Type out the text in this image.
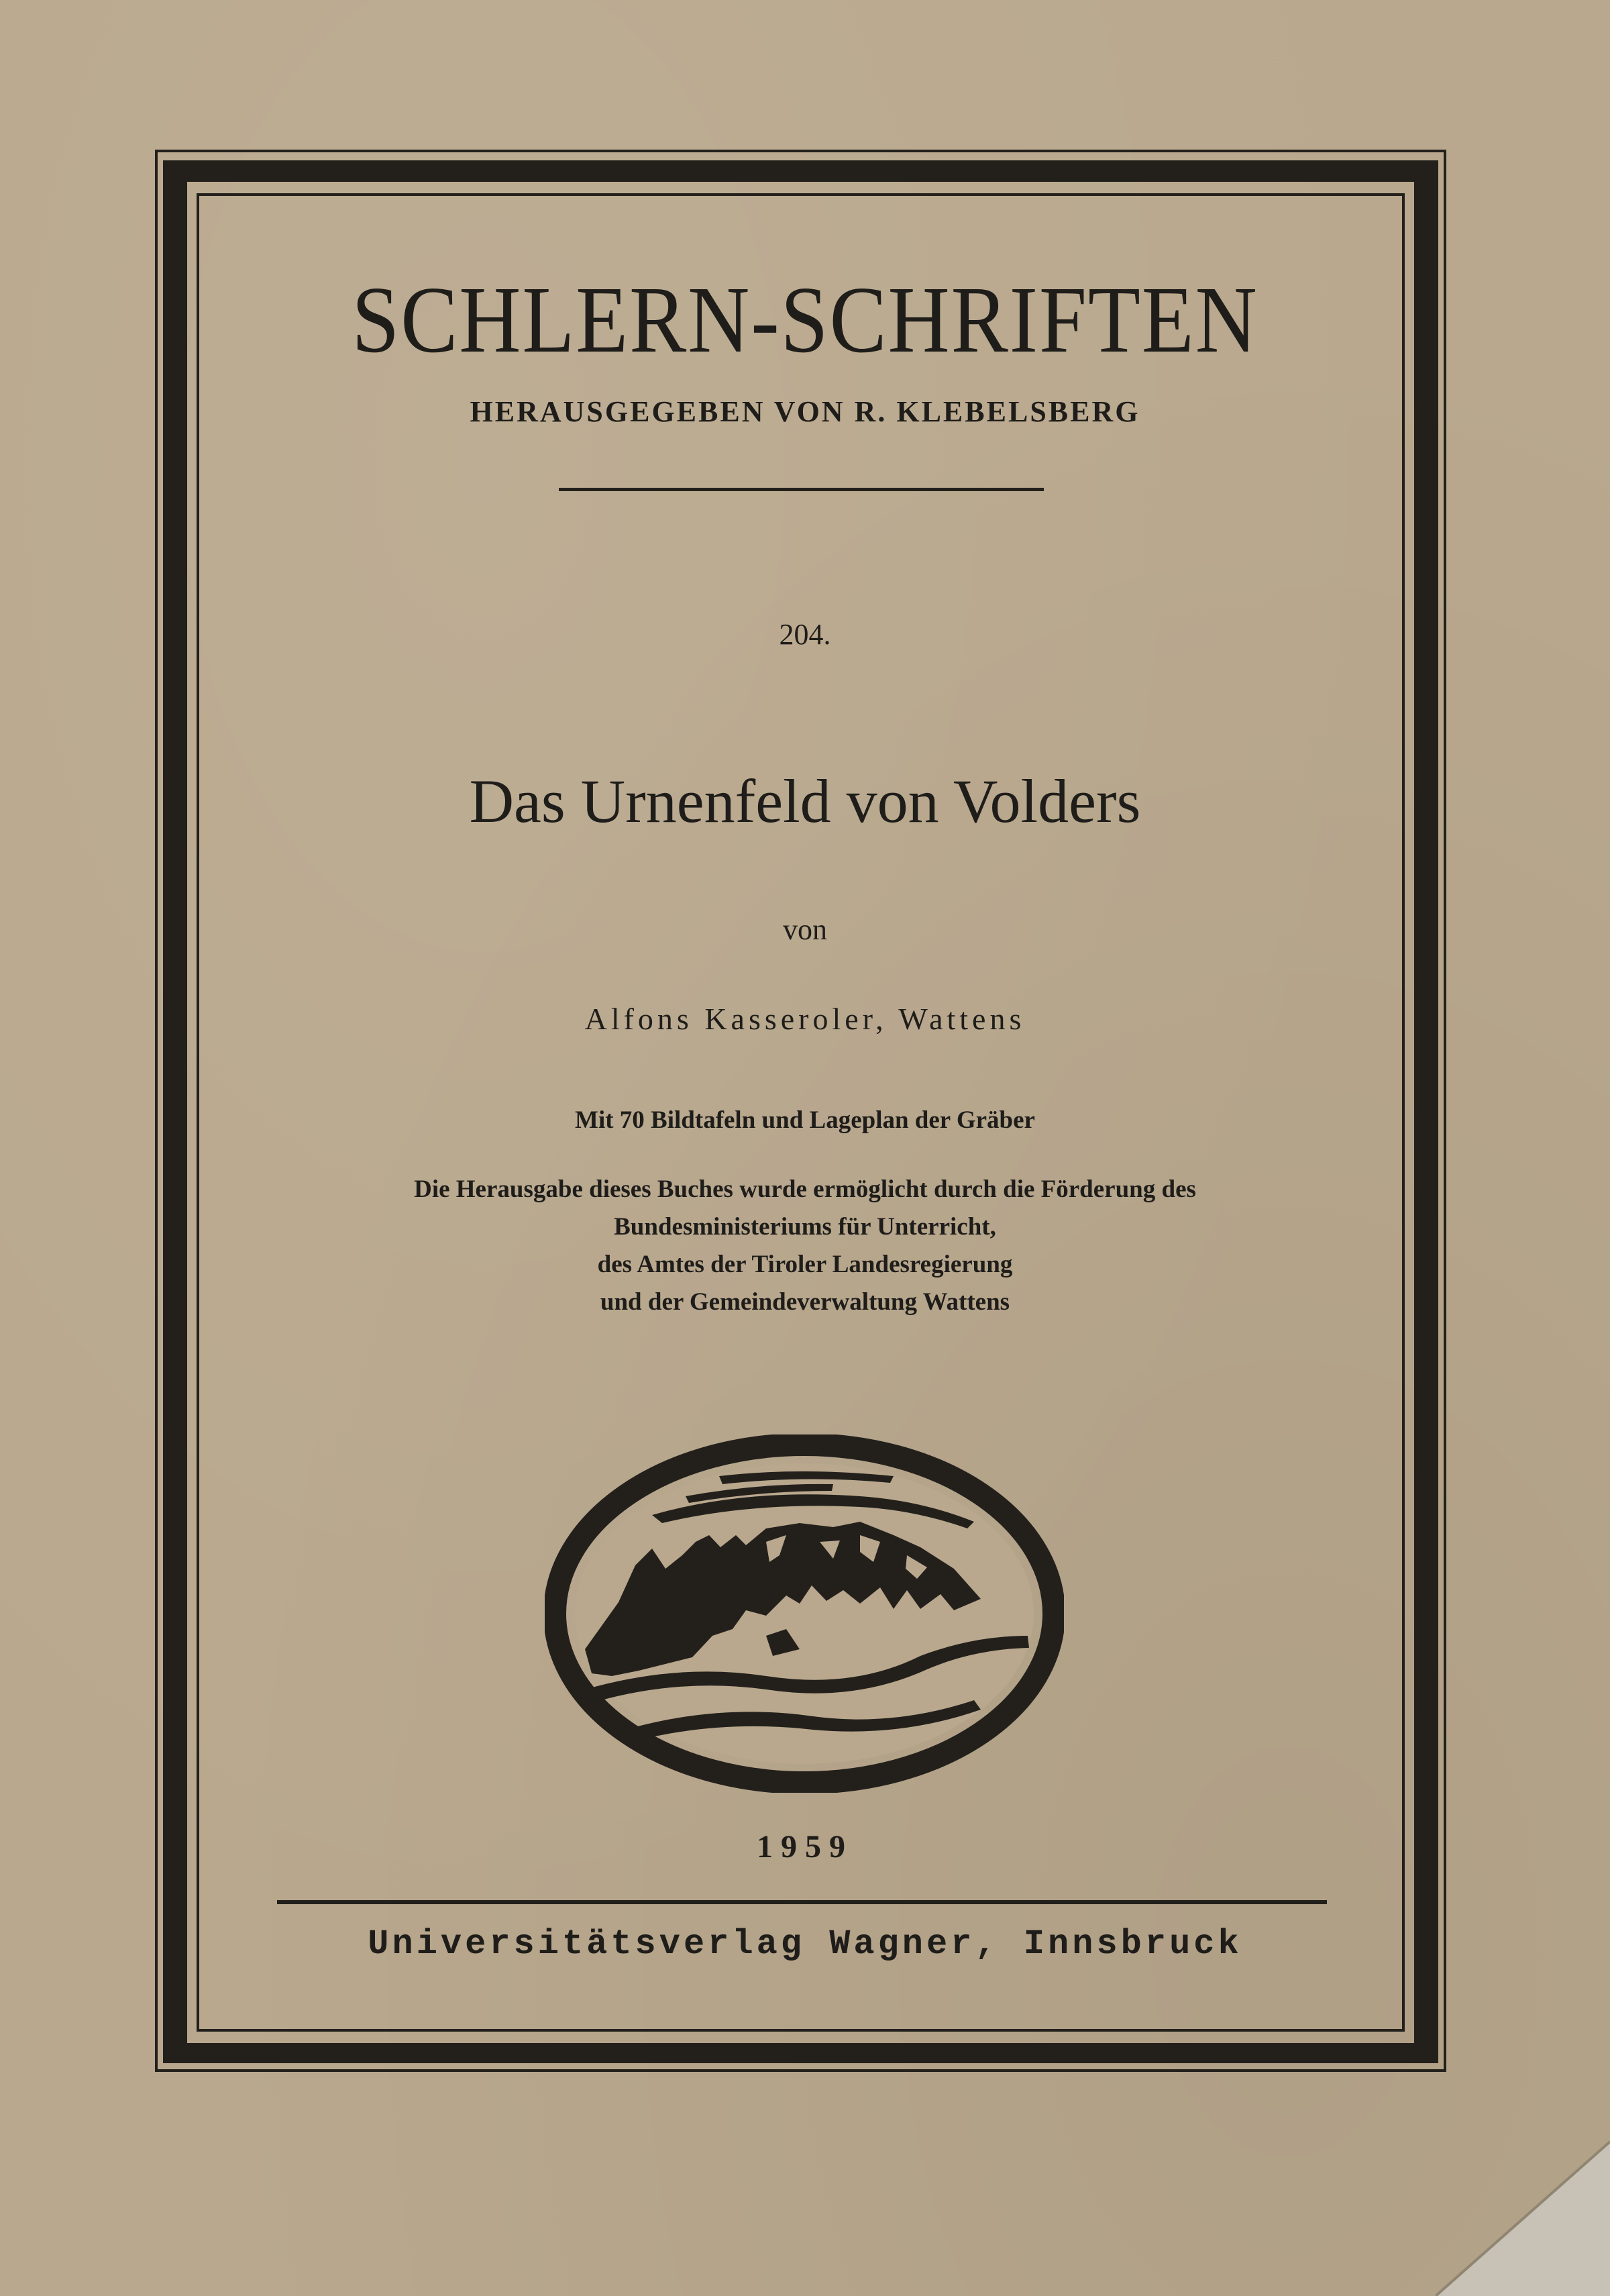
SCHLERN-SCHRIFTEN
HERAUSGEGEBEN VON R. KLEBELSBERG
204.
Das Urnenfeld von Volders
von
Alfons Kasseroler, Wattens
Mit 70 Bildtafeln und Lageplan der Gräber
Die Herausgabe dieses Buches wurde ermöglicht durch die Förderung des
Bundesministeriums für Unterricht,
des Amtes der Tiroler Landesregierung
und der Gemeindeverwaltung Wattens
1959
Universitätsverlag Wagner, Innsbruck
